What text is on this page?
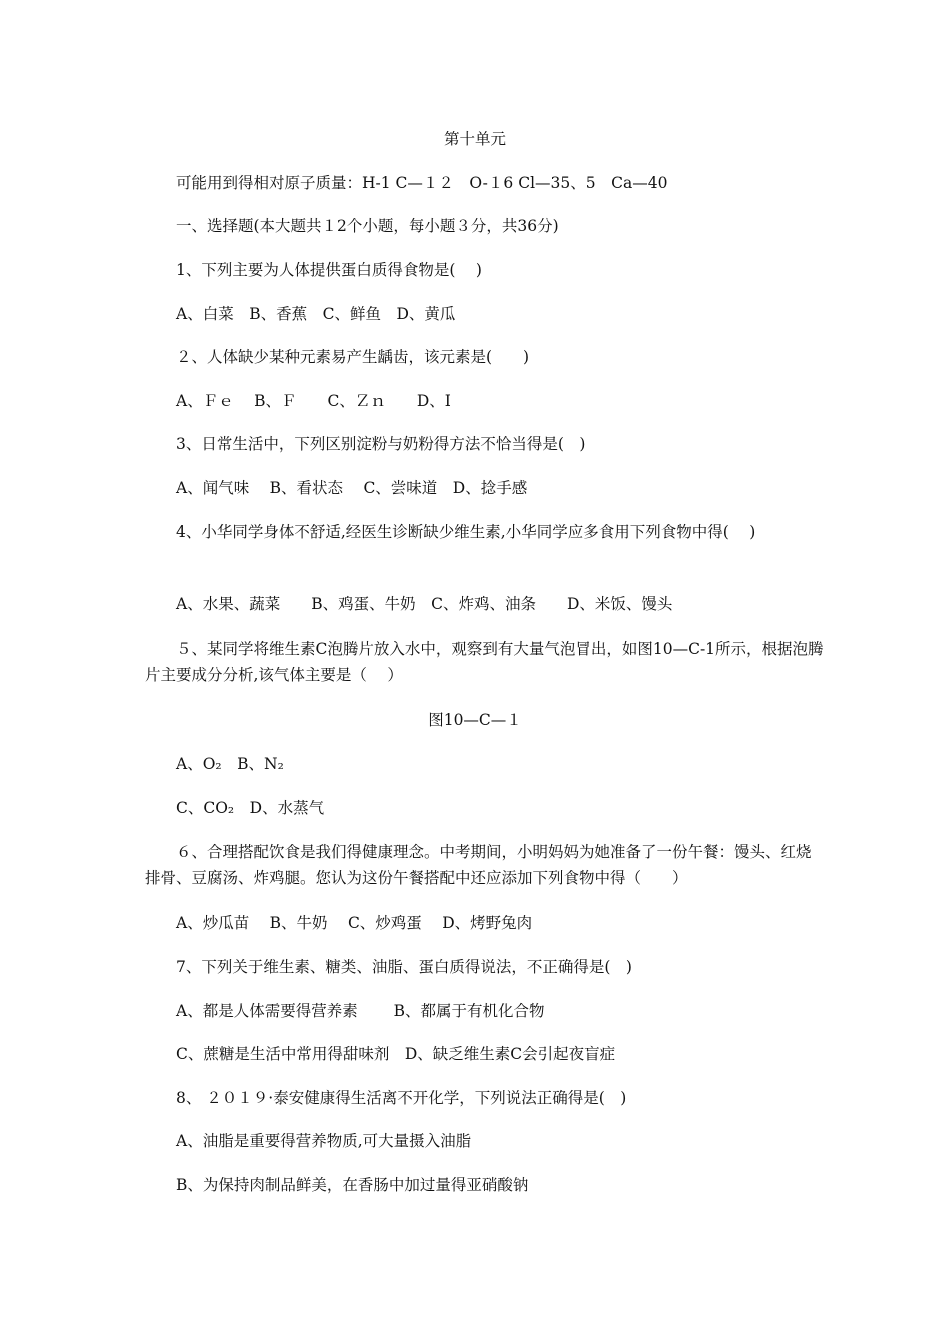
第十单元
可能用到得相对原子质量：H-1 C—１２　O-１6 Cl—35、5　Ca—40
一、选择题(本大题共１2个小题，每小题３分，共36分)
1、下列主要为人体提供蛋白质得食物是(　 )
A、白菜　B、香蕉　C、鲜鱼　D、黄瓜
２、人体缺少某种元素易产生龋齿，该元素是(　　)
A、Ｆｅ　 B、Ｆ　　C、Ｚｎ　　D、I
3、日常生活中，下列区别淀粉与奶粉得方法不恰当得是(　)
A、闻气味　 B、看状态　 C、尝味道　D、捻手感
4、小华同学身体不舒适,经医生诊断缺少维生素,小华同学应多食用下列食物中得(　 )
A、水果、蔬菜　　B、鸡蛋、牛奶　C、炸鸡、油条　　D、米饭、馒头
５、某同学将维生素C泡腾片放入水中，观察到有大量气泡冒出，如图10—C-1所示，根据泡腾片主要成分分析,该气体主要是（　 ）
图10—C—１
A、O₂　B、N₂
C、CO₂　D、水蒸气
６、合理搭配饮食是我们得健康理念。中考期间，小明妈妈为她准备了一份午餐：馒头、红烧排骨、豆腐汤、炸鸡腿。您认为这份午餐搭配中还应添加下列食物中得（　　）
A、炒瓜苗　 B、牛奶　 C、炒鸡蛋　 D、烤野兔肉
7、下列关于维生素、糖类、油脂、蛋白质得说法，不正确得是(　)
A、都是人体需要得营养素　　 B、都属于有机化合物
C、蔗糖是生活中常用得甜味剂　D、缺乏维生素C会引起夜盲症
8、 ２０１９·泰安健康得生活离不开化学，下列说法正确得是(　)
A、油脂是重要得营养物质,可大量摄入油脂
B、为保持肉制品鲜美，在香肠中加过量得亚硝酸钠
